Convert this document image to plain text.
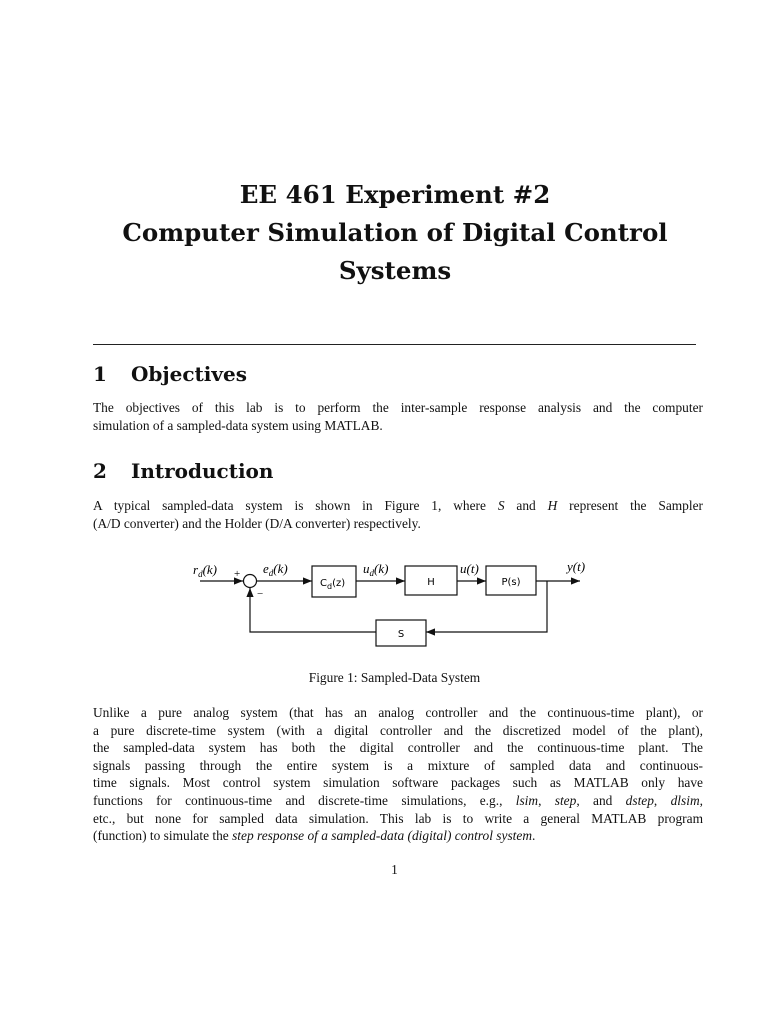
EE 461 Experiment #2
Computer Simulation of Digital Control
Systems
1 Objectives
The objectives of this lab is to perform the inter-sample response analysis and the computer
simulation of a sampled-data system using MATLAB.
2 Introduction
A typical sampled-data system is shown in Figure 1, where S and H represent the Sampler
(A/D converter) and the Holder (D/A converter) respectively.
$C_d(z)$	H	P(s)
S
$r_d(k)$ +
−
$e_d(k)$	$u_d(k)$	u(t)	y(t)
Figure 1: Sampled-Data System
Unlike a pure analog system (that has an analog controller and the continuous-time plant), or
a pure discrete-time system (with a digital controller and the discretized model of the plant),
the sampled-data system has both the digital controller and the continuous-time plant. The
signals passing through the entire system is a mixture of sampled data and continuous-
time signals. Most control system simulation software packages such as MATLAB only have
functions for continuous-time and discrete-time simulations, e.g., lsim, step, and dstep, dlsim,
etc., but none for sampled data simulation. This lab is to write a general MATLAB program
(function) to simulate the step response of a sampled-data (digital) control system.
1
